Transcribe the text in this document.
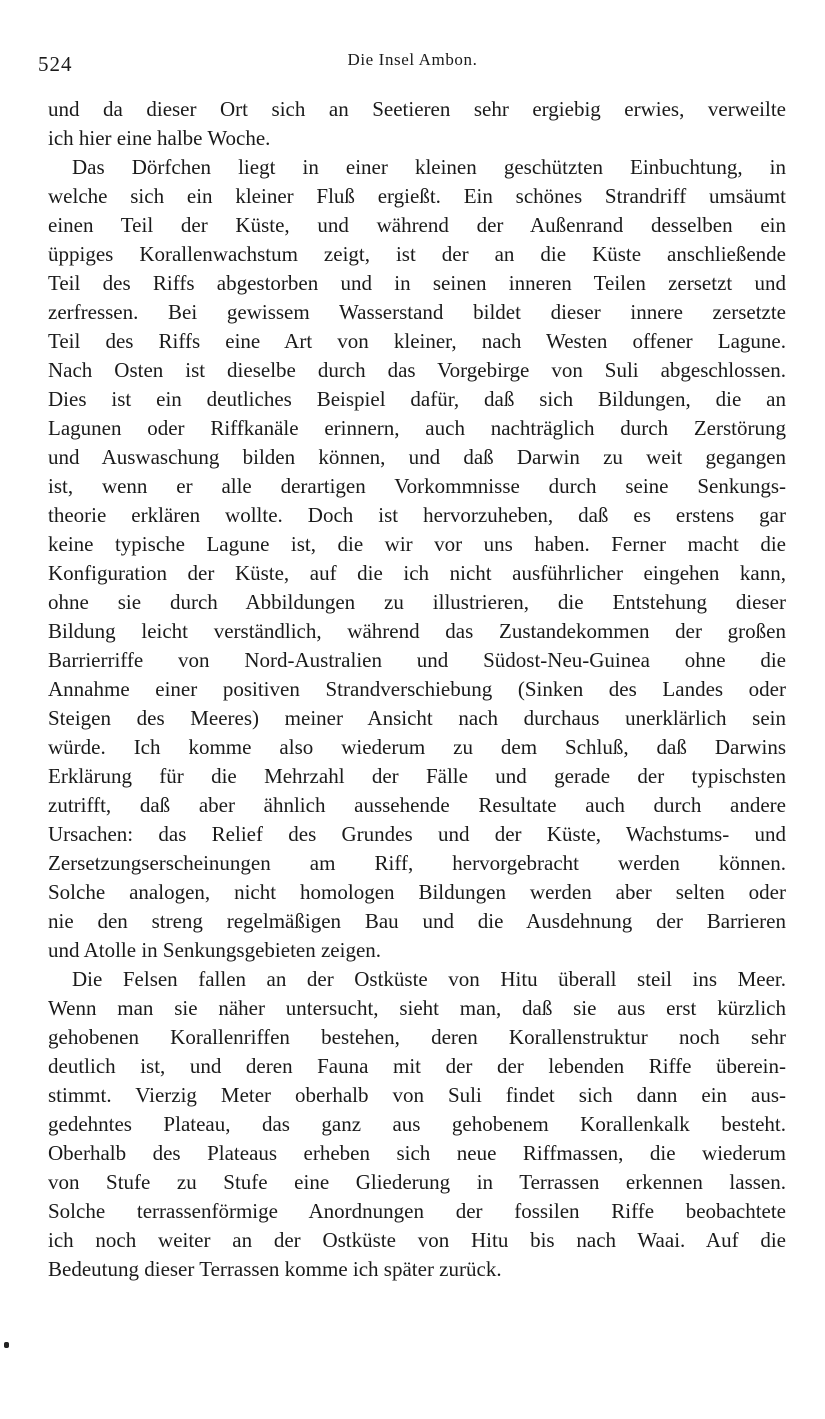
524	Die Insel Ambon.
und da dieser Ort sich an Seetieren sehr ergiebig erwies, verweilte
ich hier eine halbe Woche.
Das Dörfchen liegt in einer kleinen geschützten Einbuchtung, in
welche sich ein kleiner Fluß ergießt. Ein schönes Strandriff umsäumt
einen Teil der Küste, und während der Außenrand desselben ein
üppiges Korallenwachstum zeigt, ist der an die Küste anschließende
Teil des Riffs abgestorben und in seinen inneren Teilen zersetzt und
zerfressen. Bei gewissem Wasserstand bildet dieser innere zersetzte
Teil des Riffs eine Art von kleiner, nach Westen offener Lagune.
Nach Osten ist dieselbe durch das Vorgebirge von Suli abgeschlossen.
Dies ist ein deutliches Beispiel dafür, daß sich Bildungen, die an
Lagunen oder Riffkanäle erinnern, auch nachträglich durch Zerstörung
und Auswaschung bilden können, und daß Darwin zu weit gegangen
ist, wenn er alle derartigen Vorkommnisse durch seine Senkungs-
theorie erklären wollte. Doch ist hervorzuheben, daß es erstens gar
keine typische Lagune ist, die wir vor uns haben. Ferner macht die
Konfiguration der Küste, auf die ich nicht ausführlicher eingehen kann,
ohne sie durch Abbildungen zu illustrieren, die Entstehung dieser
Bildung leicht verständlich, während das Zustandekommen der großen
Barrierriffe von Nord-Australien und Südost-Neu-Guinea ohne die
Annahme einer positiven Strandverschiebung (Sinken des Landes oder
Steigen des Meeres) meiner Ansicht nach durchaus unerklärlich sein
würde. Ich komme also wiederum zu dem Schluß, daß Darwins
Erklärung für die Mehrzahl der Fälle und gerade der typischsten
zutrifft, daß aber ähnlich aussehende Resultate auch durch andere
Ursachen: das Relief des Grundes und der Küste, Wachstums- und
Zersetzungserscheinungen am Riff, hervorgebracht werden können.
Solche analogen, nicht homologen Bildungen werden aber selten oder
nie den streng regelmäßigen Bau und die Ausdehnung der Barrieren
und Atolle in Senkungsgebieten zeigen.
Die Felsen fallen an der Ostküste von Hitu überall steil ins Meer.
Wenn man sie näher untersucht, sieht man, daß sie aus erst kürzlich
gehobenen Korallenriffen bestehen, deren Korallenstruktur noch sehr
deutlich ist, und deren Fauna mit der der lebenden Riffe überein-
stimmt. Vierzig Meter oberhalb von Suli findet sich dann ein aus-
gedehntes Plateau, das ganz aus gehobenem Korallenkalk besteht.
Oberhalb des Plateaus erheben sich neue Riffmassen, die wiederum
von Stufe zu Stufe eine Gliederung in Terrassen erkennen lassen.
Solche terrassenförmige Anordnungen der fossilen Riffe beobachtete
ich noch weiter an der Ostküste von Hitu bis nach Waai. Auf die
Bedeutung dieser Terrassen komme ich später zurück.
